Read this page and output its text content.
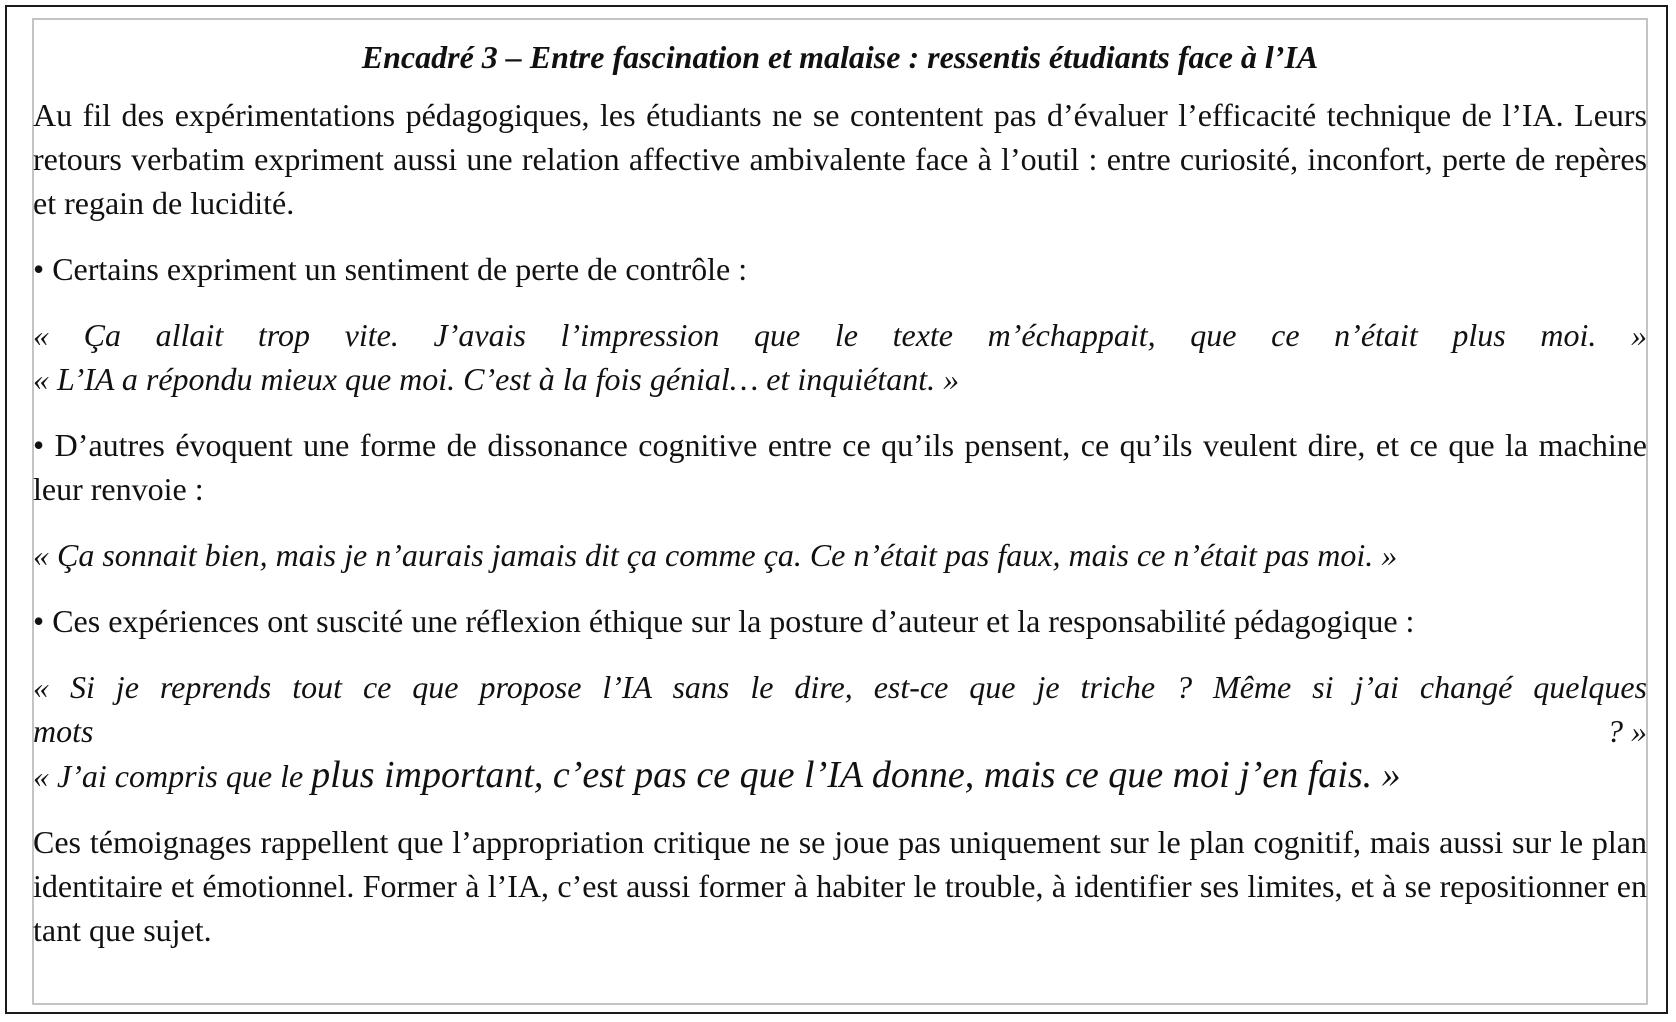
Encadré 3 – Entre fascination et malaise : ressentis étudiants face à l’IA

Au fil des expérimentations pédagogiques, les étudiants ne se contentent pas d’évaluer l’efficacité technique de l’IA. Leurs retours verbatim expriment aussi une relation affective ambivalente face à l’outil : entre curiosité, inconfort, perte de repères et regain de lucidité.

• Certains expriment un sentiment de perte de contrôle :

« Ça allait trop vite. J’avais l’impression que le texte m’échappait, que ce n’était plus moi. »
« L’IA a répondu mieux que moi. C’est à la fois génial… et inquiétant. »

• D’autres évoquent une forme de dissonance cognitive entre ce qu’ils pensent, ce qu’ils veulent dire, et ce que la machine leur renvoie :

« Ça sonnait bien, mais je n’aurais jamais dit ça comme ça. Ce n’était pas faux, mais ce n’était pas moi. »

• Ces expériences ont suscité une réflexion éthique sur la posture d’auteur et la responsabilité pédagogique :

« Si je reprends tout ce que propose l’IA sans le dire, est-ce que je triche ? Même si j’ai changé quelques
mots	? »
« J’ai compris que le plus important, c’est pas ce que l’IA donne, mais ce que moi j’en fais. »

Ces témoignages rappellent que l’appropriation critique ne se joue pas uniquement sur le plan cognitif, mais aussi sur le plan identitaire et émotionnel. Former à l’IA, c’est aussi former à habiter le trouble, à identifier ses limites, et à se repositionner en tant que sujet.
